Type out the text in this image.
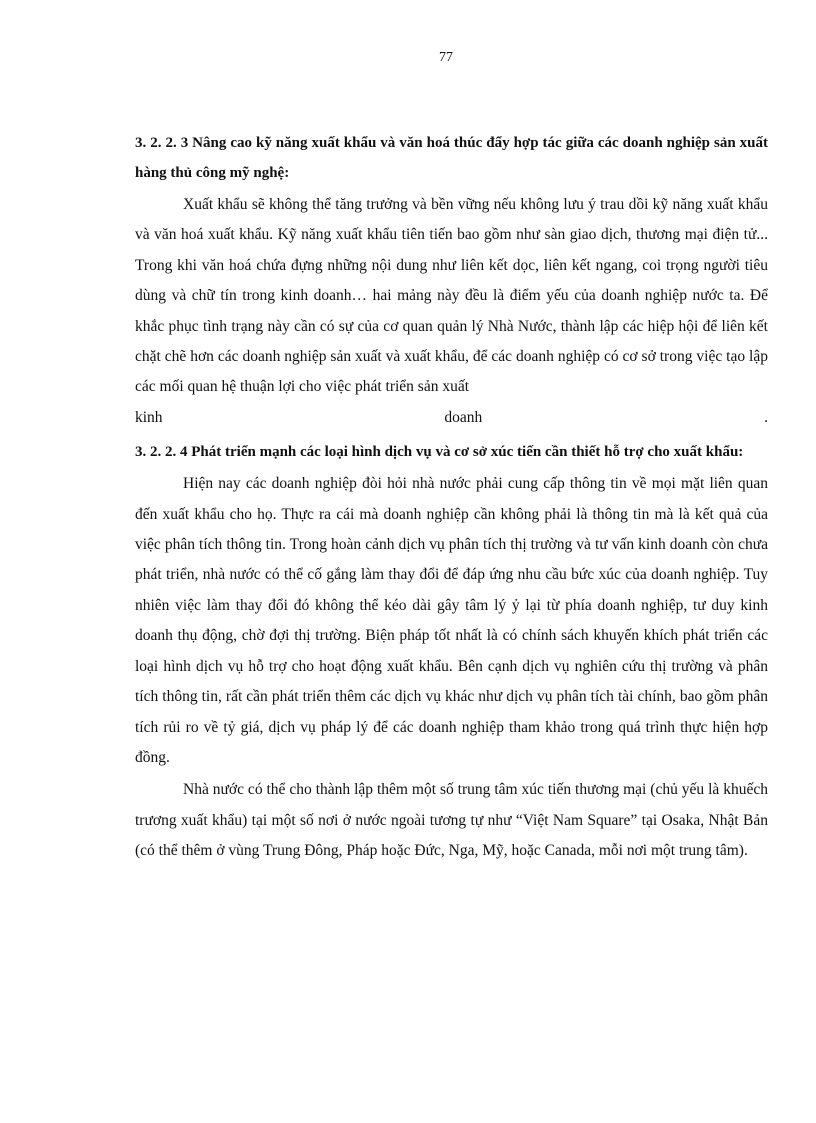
77

3. 2. 2. 3 Nâng cao kỹ năng xuất khẩu và văn hoá thúc đẩy hợp tác giữa các doanh nghiệp sản xuất hàng thủ công mỹ nghệ:

Xuất khẩu sẽ không thể tăng trưởng và bền vững nếu không lưu ý trau dồi kỹ năng xuất khẩu và văn hoá xuất khẩu. Kỹ năng xuất khẩu tiên tiến bao gồm như sàn giao dịch, thương mại điện tử... Trong khi văn hoá chứa đựng những nội dung như liên kết dọc, liên kết ngang, coi trọng người tiêu dùng và chữ tín trong kinh doanh… hai mảng này đều là điểm yếu của doanh nghiệp nước ta. Để khắc phục tình trạng này cần có sự của cơ quan quản lý Nhà Nước, thành lập các hiệp hội để liên kết chặt chẽ hơn các doanh nghiệp sản xuất và xuất khẩu, để các doanh nghiệp có cơ sở trong việc tạo lập các mối quan hệ thuận lợi cho việc phát triển sản xuất

kinh	doanh	.

3. 2. 2. 4 Phát triển mạnh các loại hình dịch vụ và cơ sở xúc tiến cần thiết hỗ trợ cho xuất khẩu:

Hiện nay các doanh nghiệp đòi hỏi nhà nước phải cung cấp thông tin về mọi mặt liên quan đến xuất khẩu cho họ. Thực ra cái mà doanh nghiệp cần không phải là thông tin mà là kết quả của việc phân tích thông tin. Trong hoàn cảnh dịch vụ phân tích thị trường và tư vấn kinh doanh còn chưa phát triển, nhà nước có thể cố gắng làm thay đổi để đáp ứng nhu cầu bức xúc của doanh nghiệp. Tuy nhiên việc làm thay đổi đó không thể kéo dài gây tâm lý ỷ lại từ phía doanh nghiệp, tư duy kinh doanh thụ động, chờ đợi thị trường. Biện pháp tốt nhất là có chính sách khuyến khích phát triển các loại hình dịch vụ hỗ trợ cho hoạt động xuất khẩu. Bên cạnh dịch vụ nghiên cứu thị trường và phân tích thông tin, rất cần phát triển thêm các dịch vụ khác như dịch vụ phân tích tài chính, bao gồm phân tích rủi ro về tỷ giá, dịch vụ pháp lý để các doanh nghiệp tham khảo trong quá trình thực hiện hợp đồng.

Nhà nước có thể cho thành lập thêm một số trung tâm xúc tiến thương mại (chủ yếu là khuếch trương xuất khẩu) tại một số nơi ở nước ngoài tương tự như “Việt Nam Square” tại Osaka, Nhật Bản (có thể thêm ở vùng Trung Đông, Pháp hoặc Đức, Nga, Mỹ, hoặc Canada, mỗi nơi một trung tâm).
